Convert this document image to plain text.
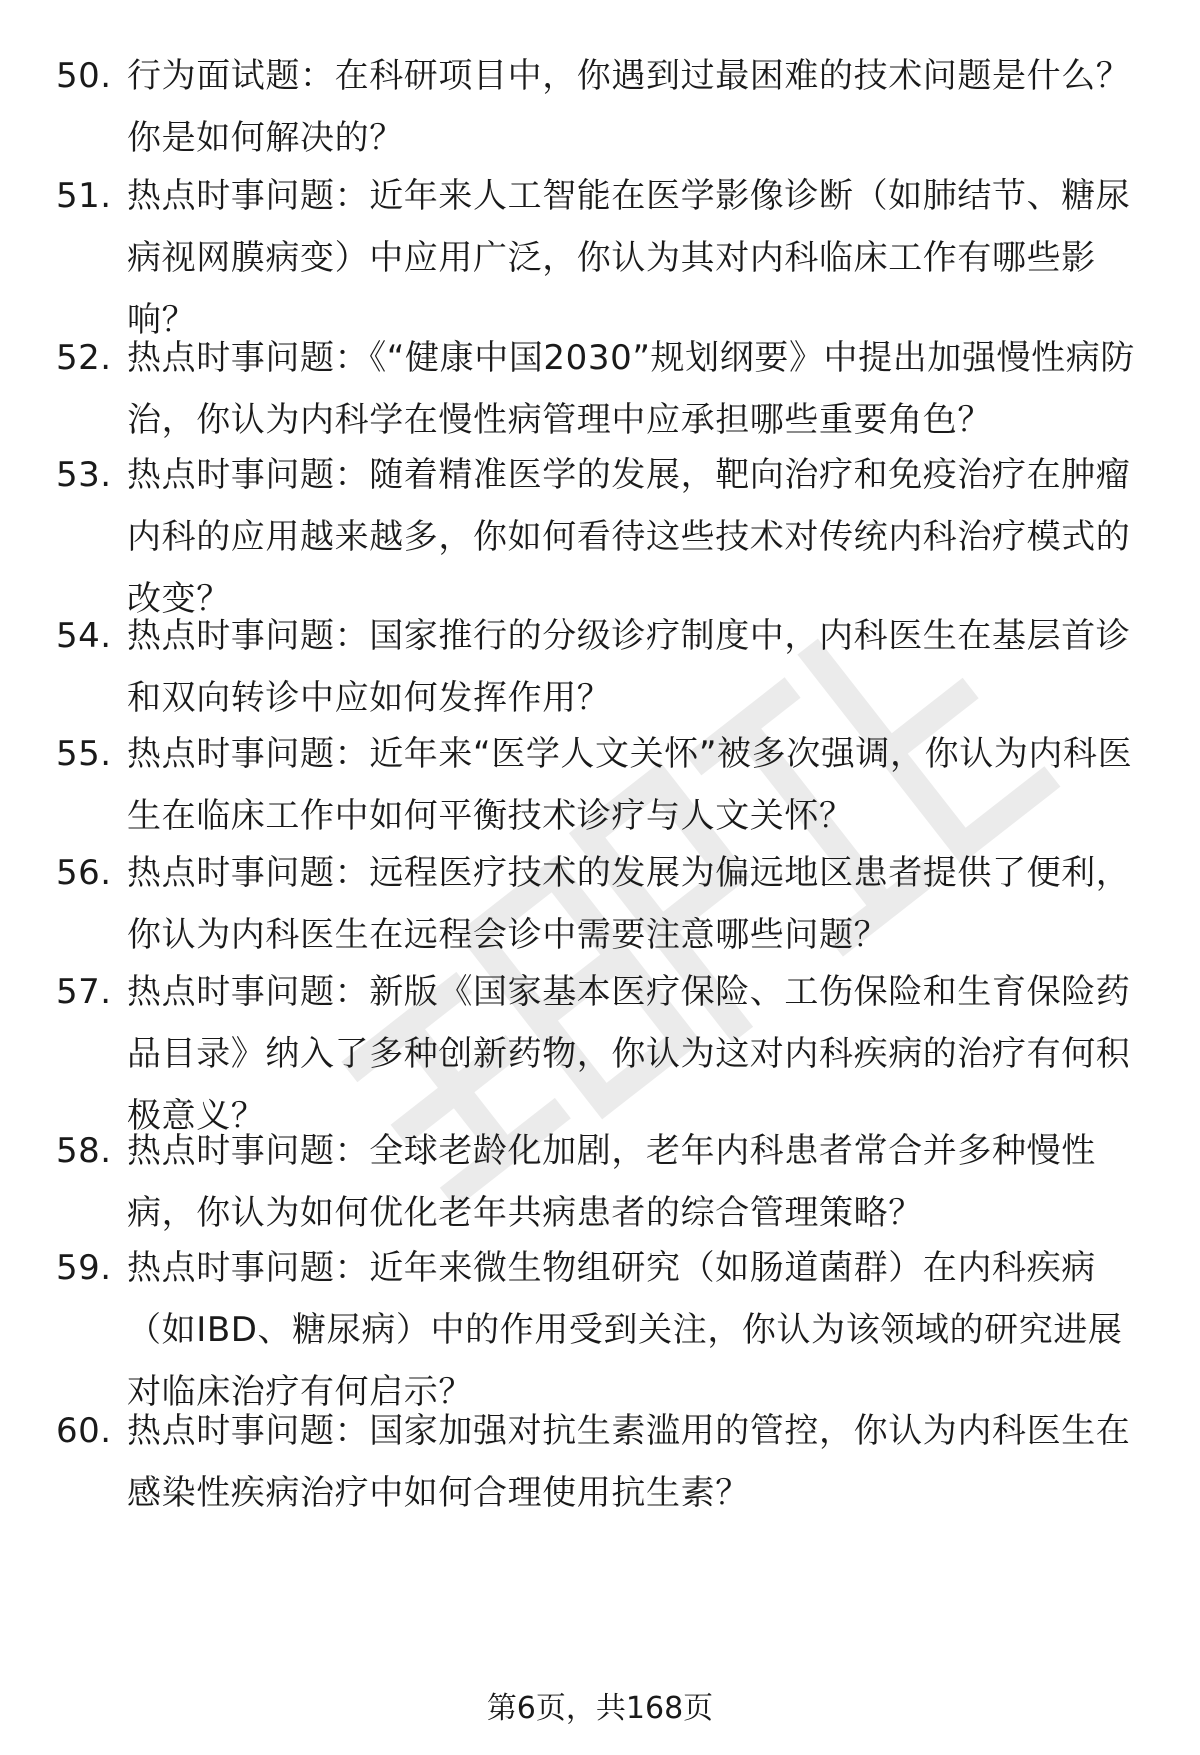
50. 行为面试题：在科研项目中，你遇到过最困难的技术问题是什么？你是如何解决的？
51. 热点时事问题：近年来人工智能在医学影像诊断（如肺结节、糖尿病视网膜病变）中应用广泛，你认为其对内科临床工作有哪些影响？
52. 热点时事问题：《“健康中国2030”规划纲要》中提出加强慢性病防治，你认为内科学在慢性病管理中应承担哪些重要角色？
53. 热点时事问题：随着精准医学的发展，靶向治疗和免疫治疗在肿瘤内科的应用越来越多，你如何看待这些技术对传统内科治疗模式的改变？
54. 热点时事问题：国家推行的分级诊疗制度中，内科医生在基层首诊和双向转诊中应如何发挥作用？
55. 热点时事问题：近年来“医学人文关怀”被多次强调，你认为内科医生在临床工作中如何平衡技术诊疗与人文关怀？
56. 热点时事问题：远程医疗技术的发展为偏远地区患者提供了便利，你认为内科医生在远程会诊中需要注意哪些问题？
57. 热点时事问题：新版《国家基本医疗保险、工伤保险和生育保险药品目录》纳入了多种创新药物，你认为这对内科疾病的治疗有何积极意义？
58. 热点时事问题：全球老龄化加剧，老年内科患者常合并多种慢性病，你认为如何优化老年共病患者的综合管理策略？
59. 热点时事问题：近年来微生物组研究（如肠道菌群）在内科疾病（如IBD、糖尿病）中的作用受到关注，你认为该领域的研究进展对临床治疗有何启示？
60. 热点时事问题：国家加强对抗生素滥用的管控，你认为内科医生在感染性疾病治疗中如何合理使用抗生素？
第6页，共168页
